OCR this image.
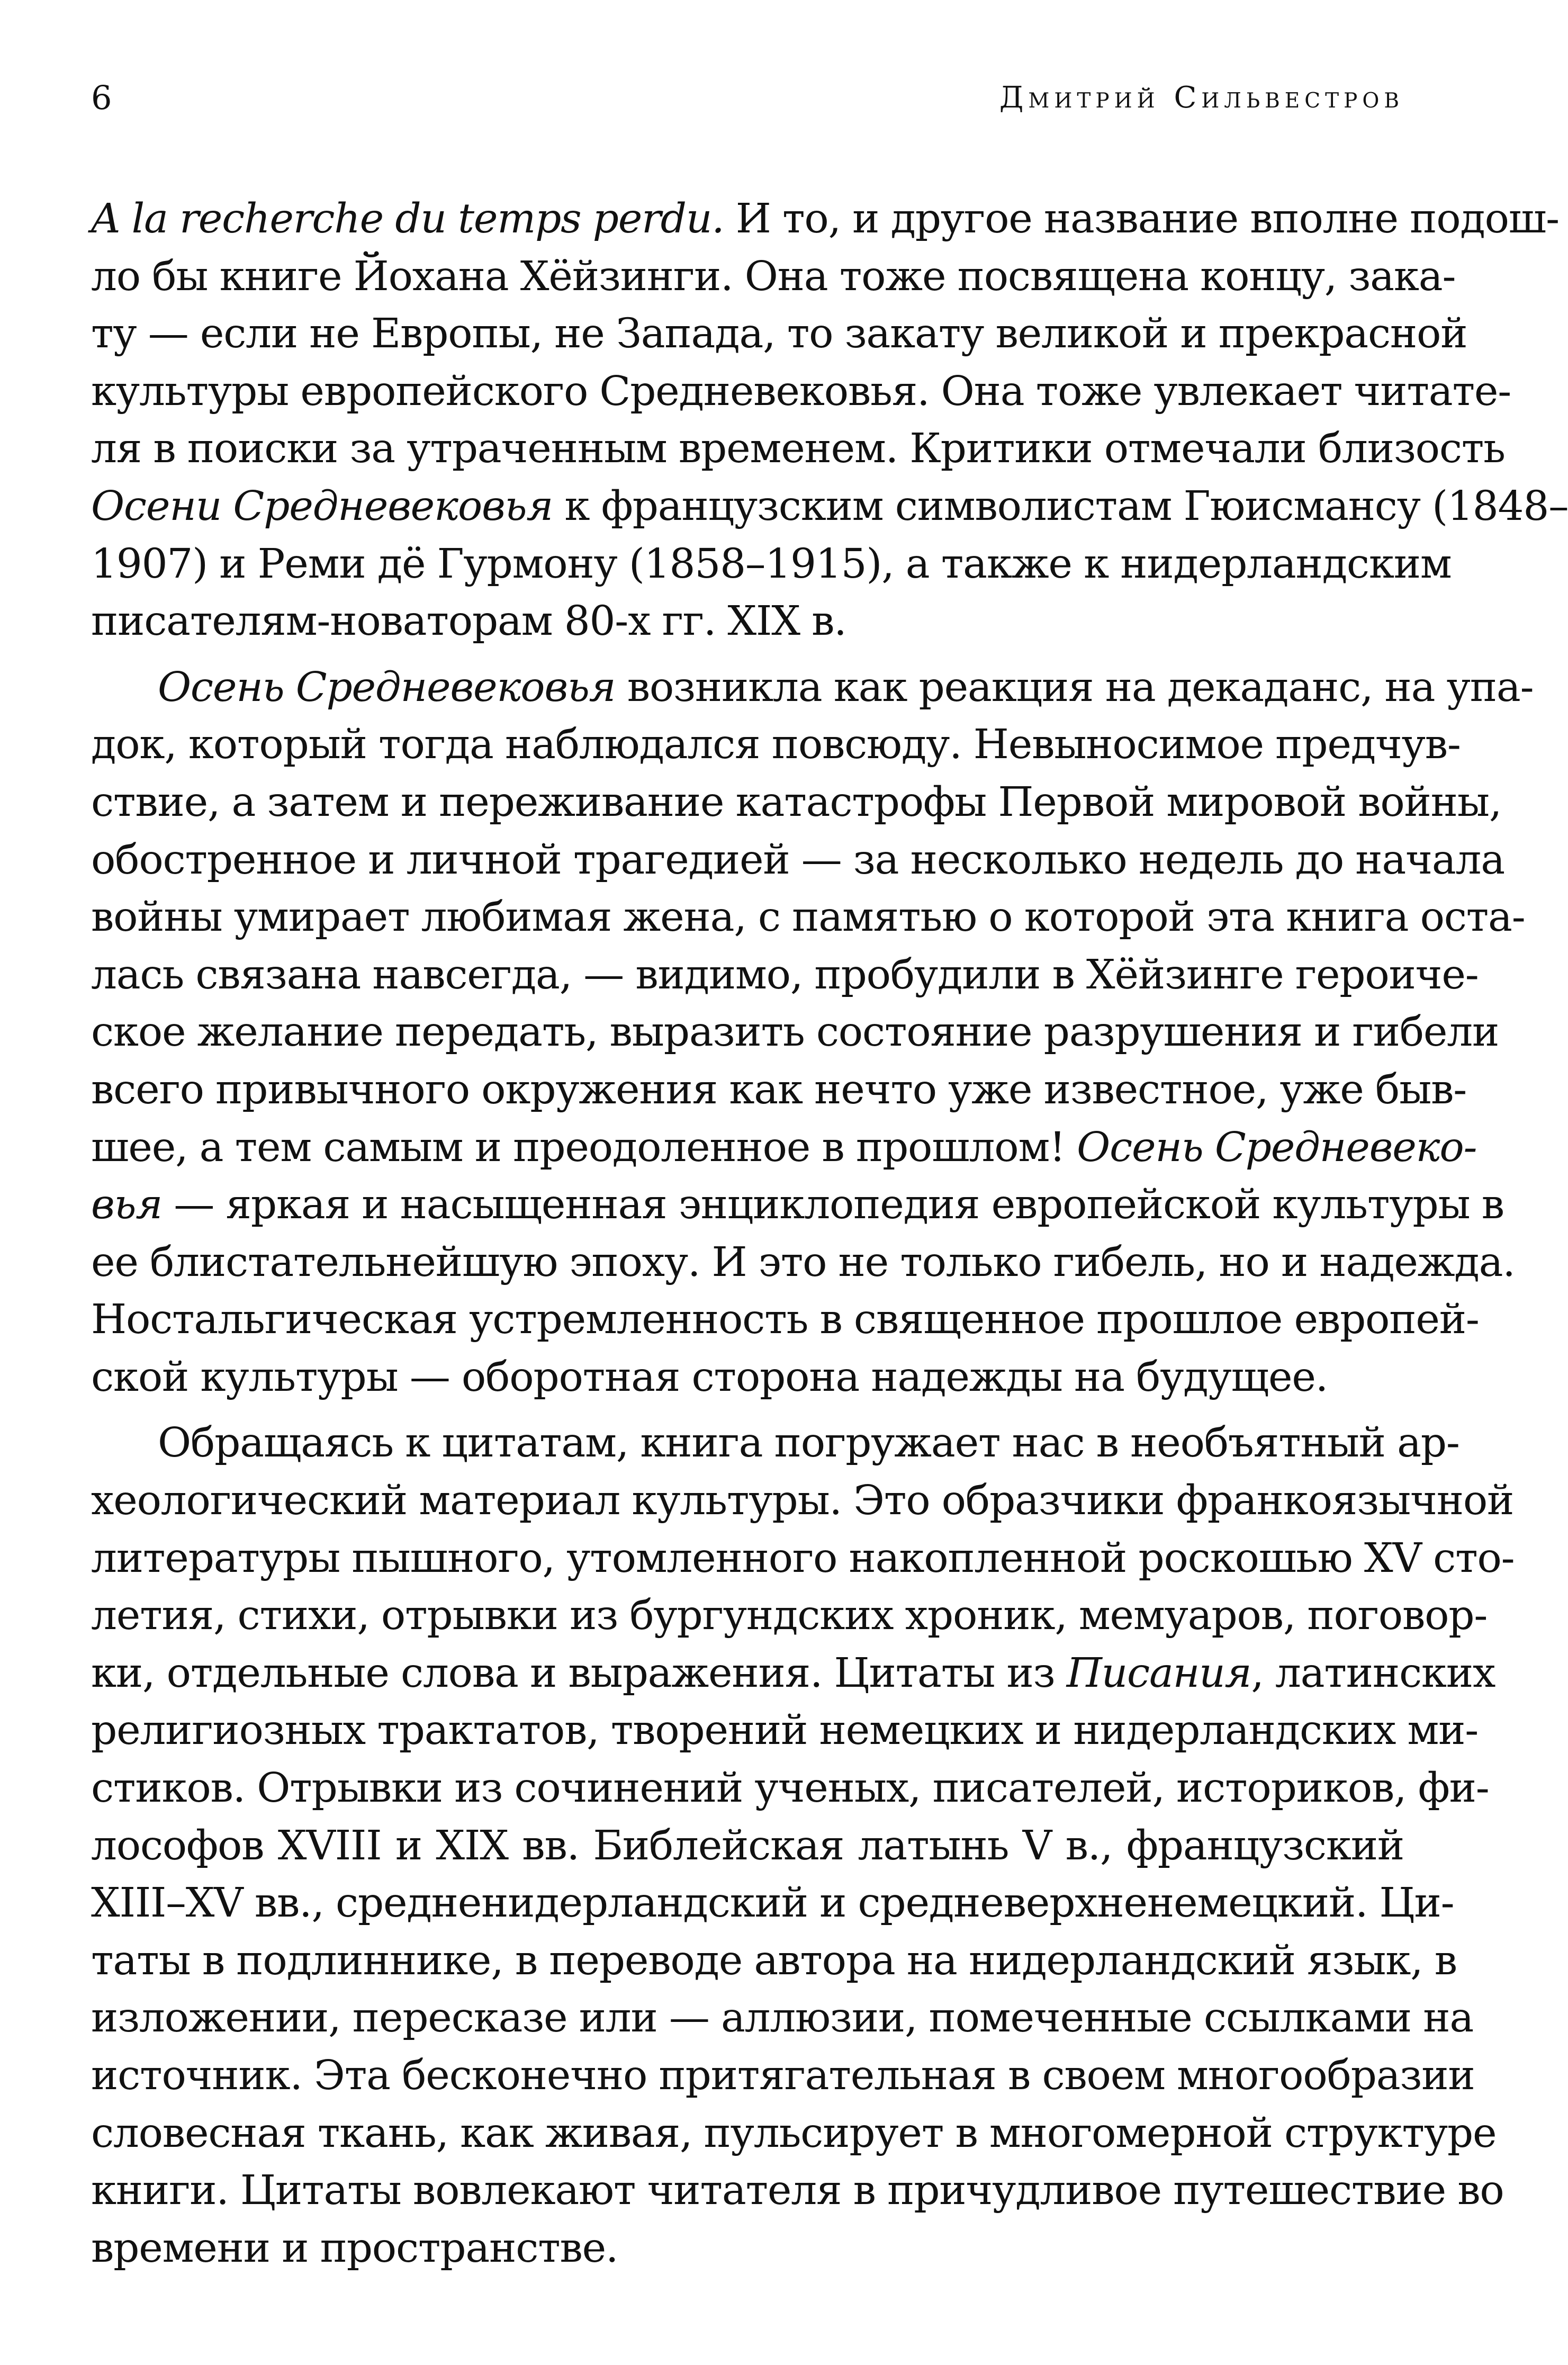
6	Дмитрий Сильвестров
A la recherche du temps perdu. И то, и другое название вполне подош-
ло бы книге Йохана Хёйзинги. Она тоже посвящена концу, зака-
ту — если не Европы, не Запада, то закату великой и прекрасной
культуры европейского Средневековья. Она тоже увлекает читате-
ля в поиски за утраченным временем. Критики отмечали близость
Осени Средневековья к французским символистам Гюисмансу (1848–
1907) и Реми дё Гурмону (1858–1915), а также к нидерландским
писателям-новаторам 80-х гг. XIX в.
Осень Средневековья возникла как реакция на декаданс, на упа-
док, который тогда наблюдался повсюду. Невыносимое предчув-
ствие, а затем и переживание катастрофы Первой мировой войны,
обостренное и личной трагедией — за несколько недель до начала
войны умирает любимая жена, с памятью о которой эта книга оста-
лась связана навсегда, — видимо, пробудили в Хёйзинге героиче-
ское желание передать, выразить состояние разрушения и гибели
всего привычного окружения как нечто уже известное, уже быв-
шее, а тем самым и преодоленное в прошлом! Осень Средневеко-
вья — яркая и насыщенная энциклопедия европейской культуры в
ее блистательнейшую эпоху. И это не только гибель, но и надежда.
Ностальгическая устремленность в священное прошлое европей-
ской культуры — оборотная сторона надежды на будущее.
Обращаясь к цитатам, книга погружает нас в необъятный ар-
хеологический материал культуры. Это образчики франкоязычной
литературы пышного, утомленного накопленной роскошью XV сто-
летия, стихи, отрывки из бургундских хроник, мемуаров, поговор-
ки, отдельные слова и выражения. Цитаты из Писания, латинских
религиозных трактатов, творений немецких и нидерландских ми-
стиков. Отрывки из сочинений ученых, писателей, историков, фи-
лософов XVIII и XIX вв. Библейская латынь V в., французский
XIII–XV вв., средненидерландский и средневерхненемецкий. Ци-
таты в подлиннике, в переводе автора на нидерландский язык, в
изложении, пересказе или — аллюзии, помеченные ссылками на
источник. Эта бесконечно притягательная в своем многообразии
словесная ткань, как живая, пульсирует в многомерной структуре
книги. Цитаты вовлекают читателя в причудливое путешествие во
времени и пространстве.
